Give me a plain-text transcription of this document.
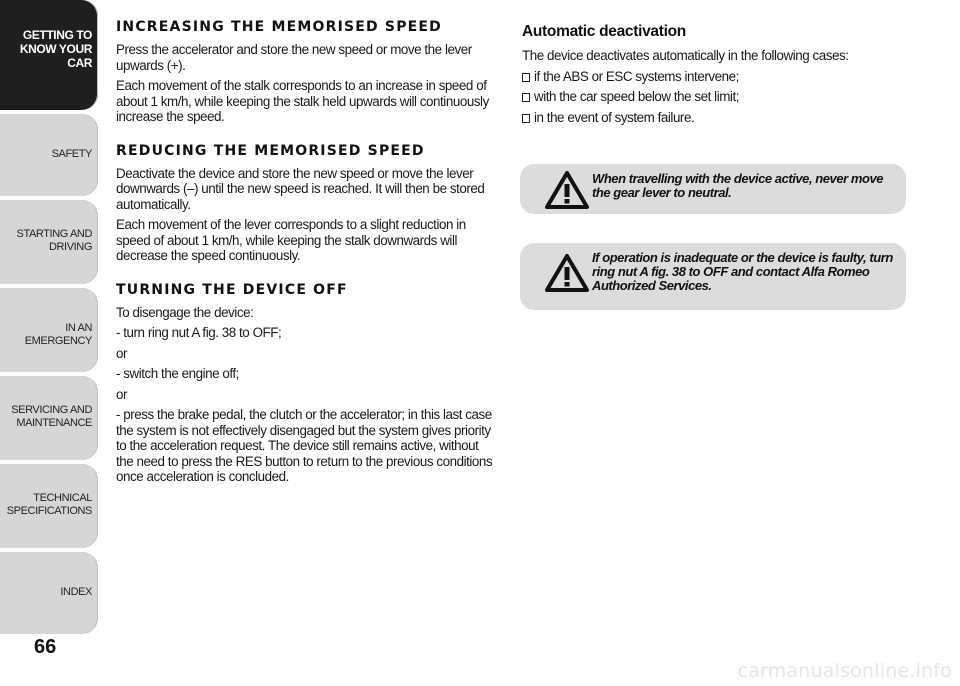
GETTING TO KNOW YOUR CAR
SAFETY
STARTING AND DRIVING
IN AN EMERGENCY
SERVICING AND MAINTENANCE
TECHNICAL SPECIFICATIONS
INDEX
66
INCREASING THE MEMORISED SPEED

Press the accelerator and store the new speed or move the lever upwards (+).

Each movement of the stalk corresponds to an increase in speed of about 1 km/h, while keeping the stalk held upwards will continuously increase the speed.

REDUCING THE MEMORISED SPEED

Deactivate the device and store the new speed or move the lever downwards (–) until the new speed is reached. It will then be stored automatically.

Each movement of the lever corresponds to a slight reduction in speed of about 1 km/h, while keeping the stalk downwards will decrease the speed continuously.

TURNING THE DEVICE OFF

To disengage the device:

- turn ring nut A fig. 38 to OFF;

or

- switch the engine off;

or

- press the brake pedal, the clutch or the accelerator; in this last case the system is not effectively disengaged but the system gives priority to the acceleration request. The device still remains active, without the need to press the RES button to return to the previous conditions once acceleration is concluded.

Automatic deactivation

The device deactivates automatically in the following cases:

if the ABS or ESC systems intervene;

with the car speed below the set limit;

in the event of system failure.

When travelling with the device active, never move the gear lever to neutral.
If operation is inadequate or the device is faulty, turn ring nut A fig. 38 to OFF and contact Alfa Romeo Authorized Services.
carmanualsonline.info
